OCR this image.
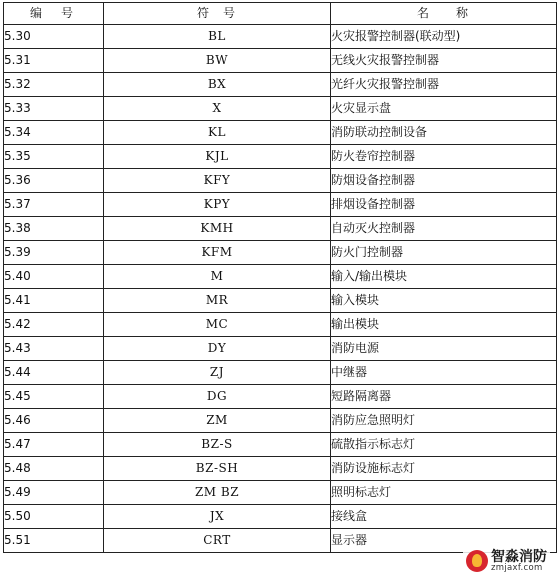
编 号	符 号	名 称

5.30	BL	火灾报警控制器(联动型)
5.31	BW	无线火灾报警控制器
5.32	BX	光纤火灾报警控制器
5.33	X	火灾显示盘
5.34	KL	消防联动控制设备
5.35	KJL	防火卷帘控制器
5.36	KFY	防烟设备控制器
5.37	KPY	排烟设备控制器
5.38	KMH	自动灭火控制器
5.39	KFM	防火门控制器
5.40	M	输入/输出模块
5.41	MR	输入模块
5.42	MC	输出模块
5.43	DY	消防电源
5.44	ZJ	中继器
5.45	DG	短路隔离器
5.46	ZM	消防应急照明灯
5.47	BZ-S	硫散指示标志灯
5.48	BZ-SH	消防设施标志灯
5.49	ZM BZ	照明标志灯
5.50	JX	接线盒
5.51	CRT	显示器
智淼消防
zmjaxf.com
